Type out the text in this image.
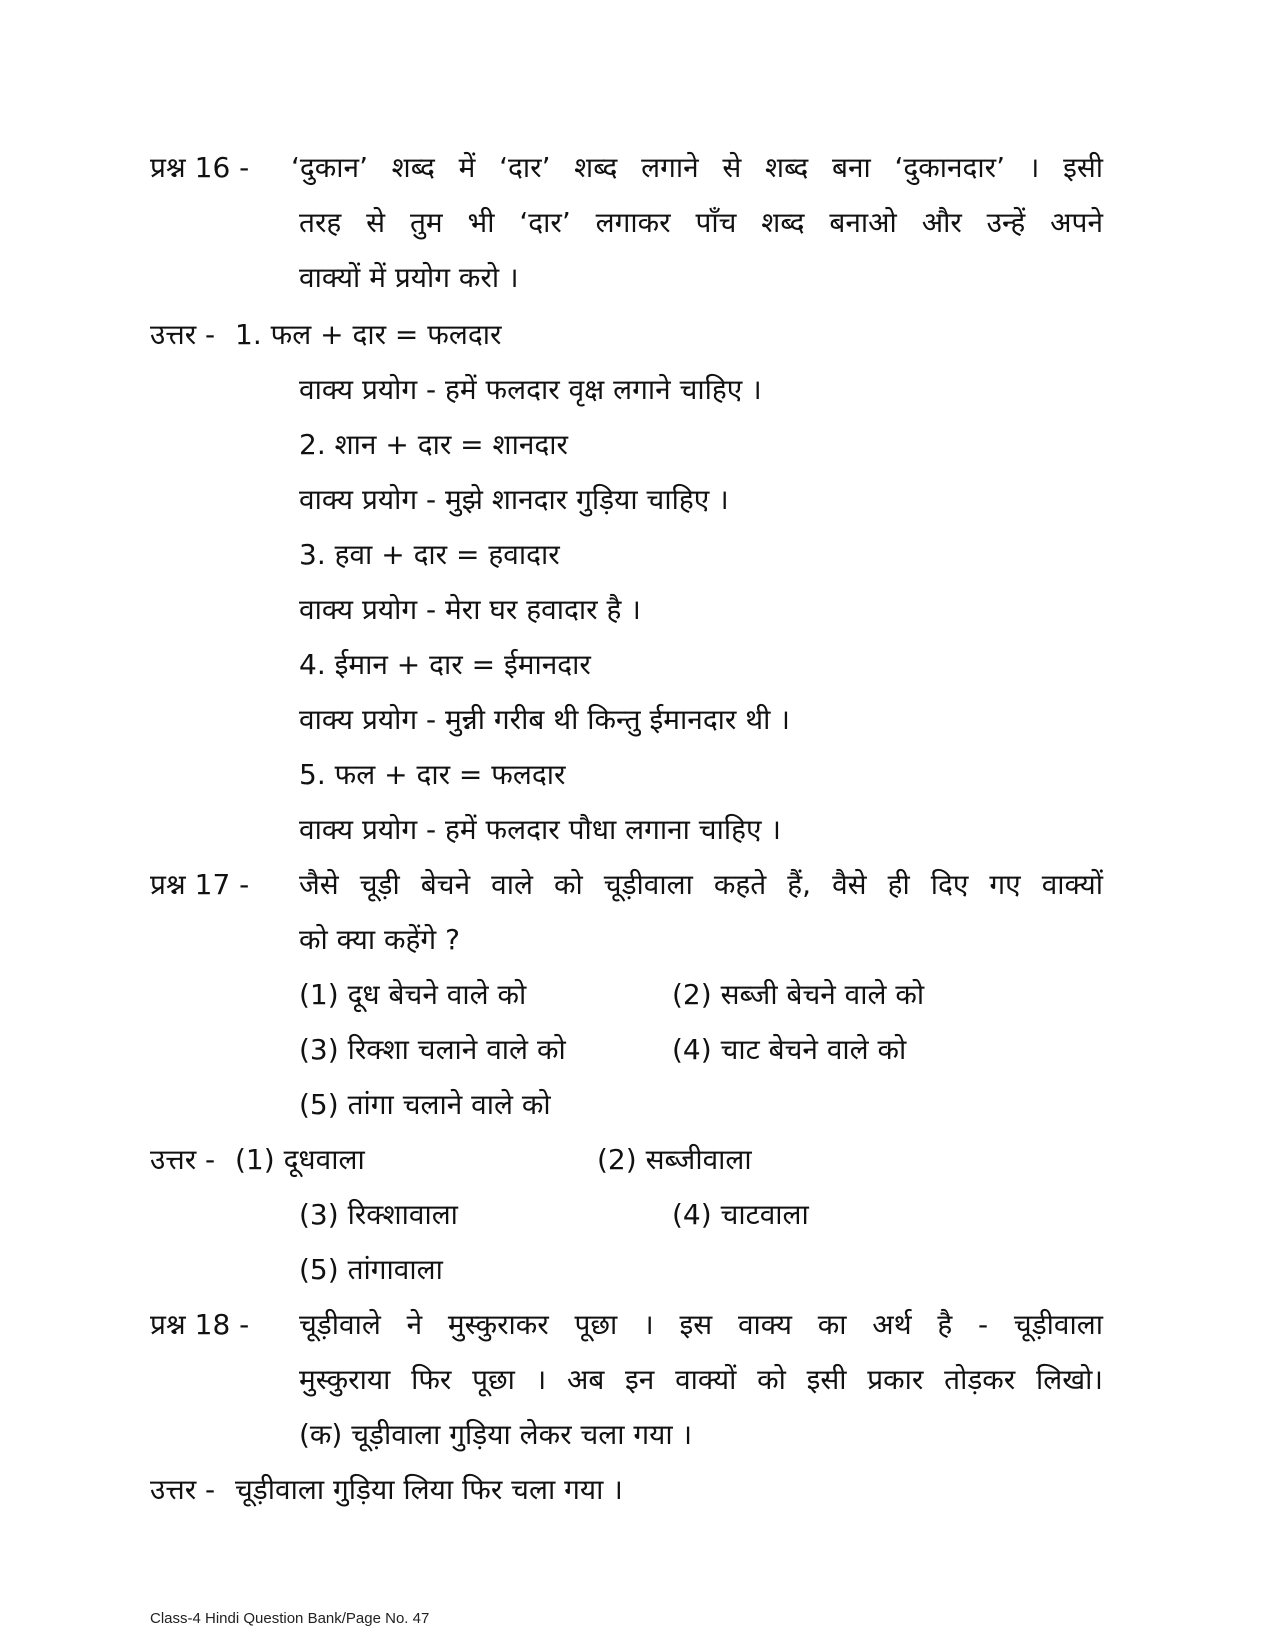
प्रश्न 16 - ‘दुकान’ शब्द में ‘दार’ शब्द लगाने से शब्द बना ‘दुकानदार’ । इसी
तरह से तुम भी ‘दार’ लगाकर पाँच शब्द बनाओ और उन्हें अपने
वाक्यों में प्रयोग करो ।
उत्तर - 1. फल + दार = फलदार
वाक्य प्रयोग - हमें फलदार वृक्ष लगाने चाहिए ।
2. शान + दार = शानदार
वाक्य प्रयोग - मुझे शानदार गुड़िया चाहिए ।
3. हवा + दार = हवादार
वाक्य प्रयोग - मेरा घर हवादार है ।
4. ईमान + दार = ईमानदार
वाक्य प्रयोग - मुन्नी गरीब थी किन्तु ईमानदार थी ।
5. फल + दार = फलदार
वाक्य प्रयोग - हमें फलदार पौधा लगाना चाहिए ।
प्रश्न 17 - जैसे चूड़ी बेचने वाले को चूड़ीवाला कहते हैं, वैसे ही दिए गए वाक्यों
को क्या कहेंगे ?
(1) दूध बेचने वाले को	(2) सब्जी बेचने वाले को
(3) रिक्शा चलाने वाले को	(4) चाट बेचने वाले को
(5) तांगा चलाने वाले को
उत्तर - (1) दूधवाला	(2) सब्जीवाला
(3) रिक्शावाला	(4) चाटवाला
(5) तांगावाला
प्रश्न 18 - चूड़ीवाले ने मुस्कुराकर पूछा । इस वाक्य का अर्थ है - चूड़ीवाला
मुस्कुराया फिर पूछा । अब इन वाक्यों को इसी प्रकार तोड़कर लिखो।
(क) चूड़ीवाला गुड़िया लेकर चला गया ।
उत्तर - चूड़ीवाला गुड़िया लिया फिर चला गया ।
Class-4 Hindi Question Bank/Page No. 47
